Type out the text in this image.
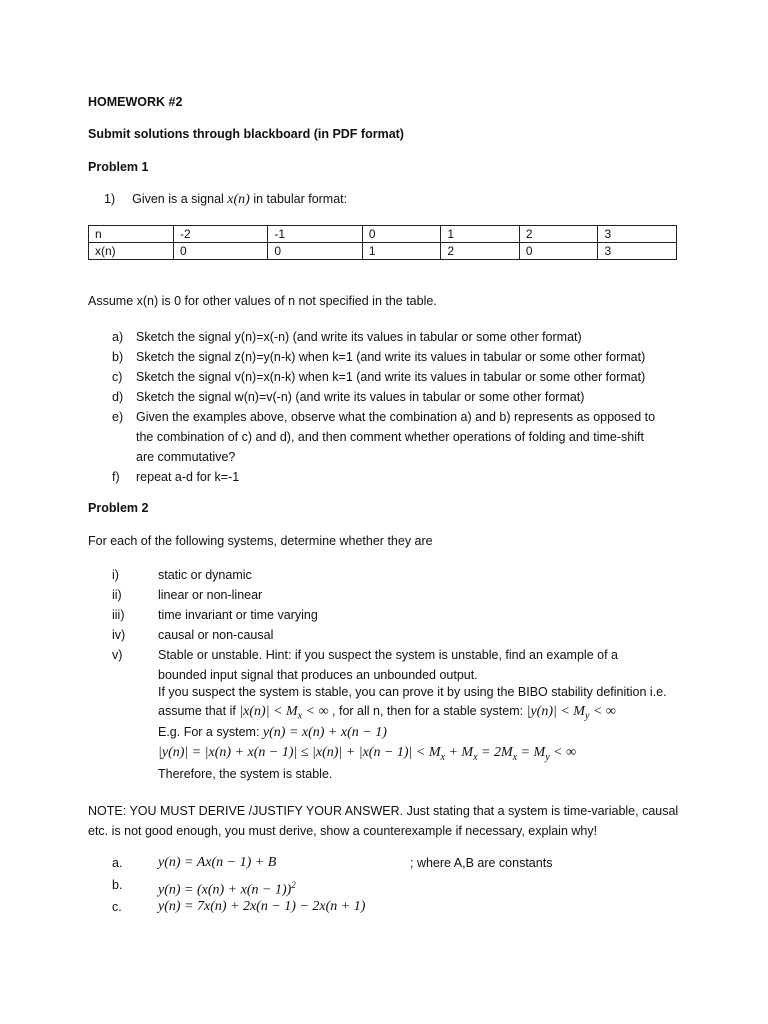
HOMEWORK #2
Submit solutions through blackboard (in PDF format)
Problem 1
1) Given is a signal x(n) in tabular format:
n	-2	-1	0	1	2	3
x(n)	0	0	1	2	0	3
Assume x(n) is 0 for other values of n not specified in the table.
a) Sketch the signal y(n)=x(-n) (and write its values in tabular or some other format)
b) Sketch the signal z(n)=y(n-k) when k=1 (and write its values in tabular or some other format)
c) Sketch the signal v(n)=x(n-k) when k=1 (and write its values in tabular or some other format)
d) Sketch the signal w(n)=v(-n) (and write its values in tabular or some other format)
e) Given the examples above, observe what the combination a) and b) represents as opposed to the combination of c) and d), and then comment whether operations of folding and time-shift are commutative?
f) repeat a-d for k=-1
Problem 2
For each of the following systems, determine whether they are
i)	static or dynamic
ii)	linear or non-linear
iii)	time invariant or time varying
iv)	causal or non-causal
v)	Stable or unstable. Hint: if you suspect the system is unstable, find an example of a bounded input signal that produces an unbounded output.
If you suspect the system is stable, you can prove it by using the BIBO stability definition i.e.
assume that if $|x(n)| < M_x$ < ∞ , for all n, then for a stable system: $|y(n)| < M_y$ < ∞
E.g. For a system: y(n) = x(n) + x(n − 1)
$|y(n)| = |x(n) + x(n - 1)| \le |x(n)| + |x(n - 1)| < M_x + M_x = 2M_x = M_y$ < ∞
Therefore, the system is stable.
NOTE: YOU MUST DERIVE /JUSTIFY YOUR ANSWER. Just stating that a system is time-variable, causal etc. is not good enough, you must derive, show a counterexample if necessary, explain why!
a.	y(n) = Ax(n − 1) + B	; where A,B are constants
b.	$y(n) = (x(n) + x(n - 1))^2$
c.	y(n) = 7x(n) + 2x(n − 1) − 2x(n + 1)
